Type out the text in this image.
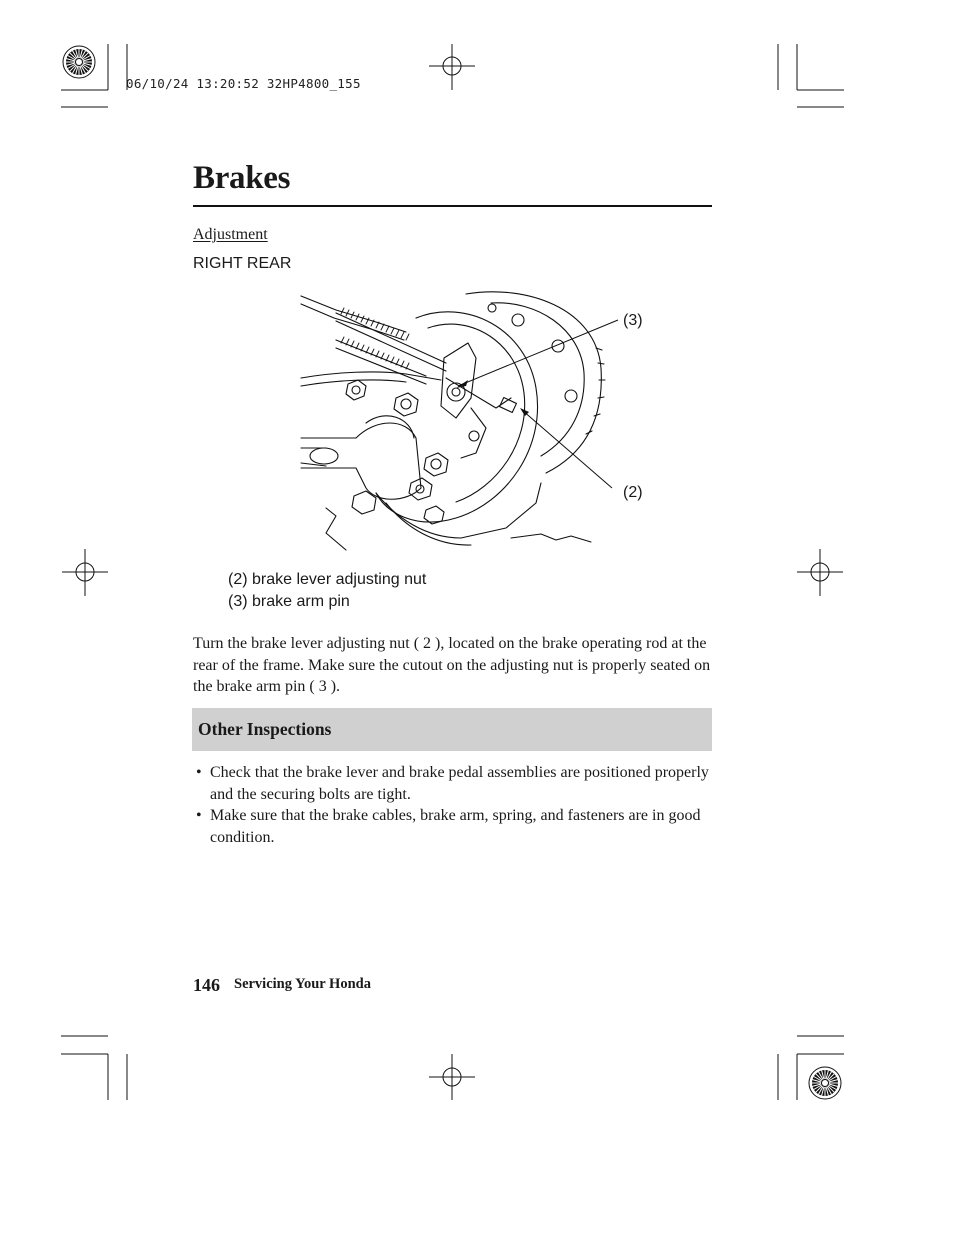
06/10/24 13:20:52 32HP4800_155
Brakes
Adjustment
RIGHT REAR
(3)
(2)
(2) brake lever adjusting nut
(3) brake arm pin

Turn the brake lever adjusting nut ( 2 ), located on the brake operating rod at the rear of the frame. Make sure the cutout on the adjusting nut is properly seated on the brake arm pin ( 3 ).

Other Inspections
• Check that the brake lever and brake pedal assemblies are positioned properly and the securing bolts are tight.
• Make sure that the brake cables, brake arm, spring, and fasteners are in good condition.
146 Servicing Your Honda
